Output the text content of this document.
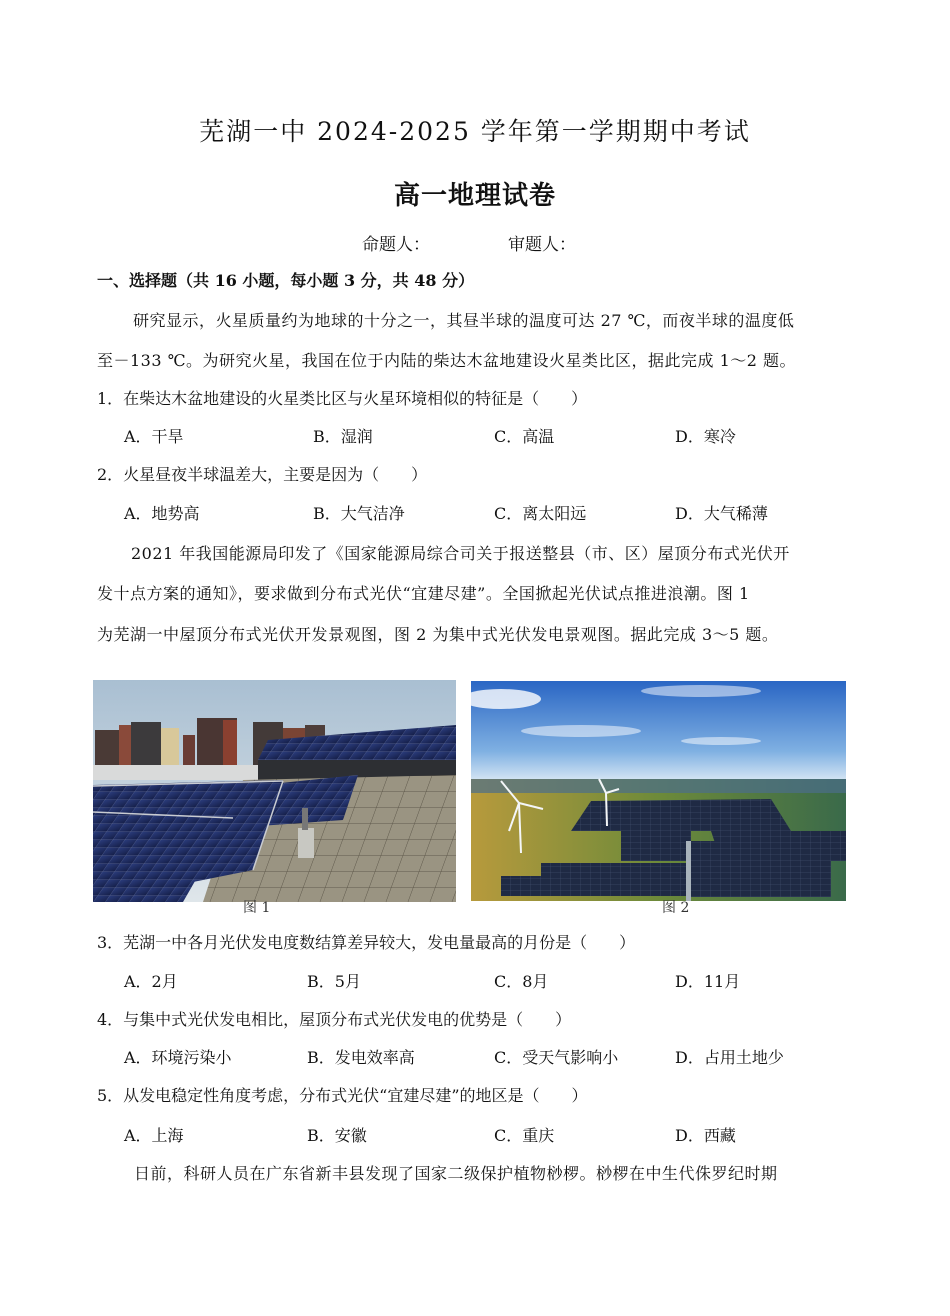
芜湖一中 2024-2025 学年第一学期期中考试
高一地理试卷
命题人：	审题人：
一、选择题（共 16 小题，每小题 3 分，共 48 分）
研究显示，火星质量约为地球的十分之一，其昼半球的温度可达 27 ℃，而夜半球的温度低
至－133 ℃。为研究火星，我国在位于内陆的柴达木盆地建设火星类比区，据此完成 1～2 题。
1．在柴达木盆地建设的火星类比区与火星环境相似的特征是（　　）
A．干旱	B．湿润	C．高温	D．寒冷
2．火星昼夜半球温差大，主要是因为（　　）
A．地势高	B．大气洁净	C．离太阳远	D．大气稀薄
2021 年我国能源局印发了《国家能源局综合司关于报送整县（市、区）屋顶分布式光伏开
发十点方案的通知》，要求做到分布式光伏“宜建尽建”。全国掀起光伏试点推进浪潮。图 1
为芜湖一中屋顶分布式光伏开发景观图，图 2 为集中式光伏发电景观图。据此完成 3～5 题。
图 1	图 2
3．芜湖一中各月光伏发电度数结算差异较大，发电量最高的月份是（　　）
A．2月	B．5月	C．8月	D．11月
4．与集中式光伏发电相比，屋顶分布式光伏发电的优势是（　　）
A．环境污染小	B．发电效率高	C．受天气影响小	D．占用土地少
5．从发电稳定性角度考虑，分布式光伏“宜建尽建”的地区是（　　）
A．上海	B．安徽	C．重庆	D．西藏
日前，科研人员在广东省新丰县发现了国家二级保护植物桫椤。桫椤在中生代侏罗纪时期
